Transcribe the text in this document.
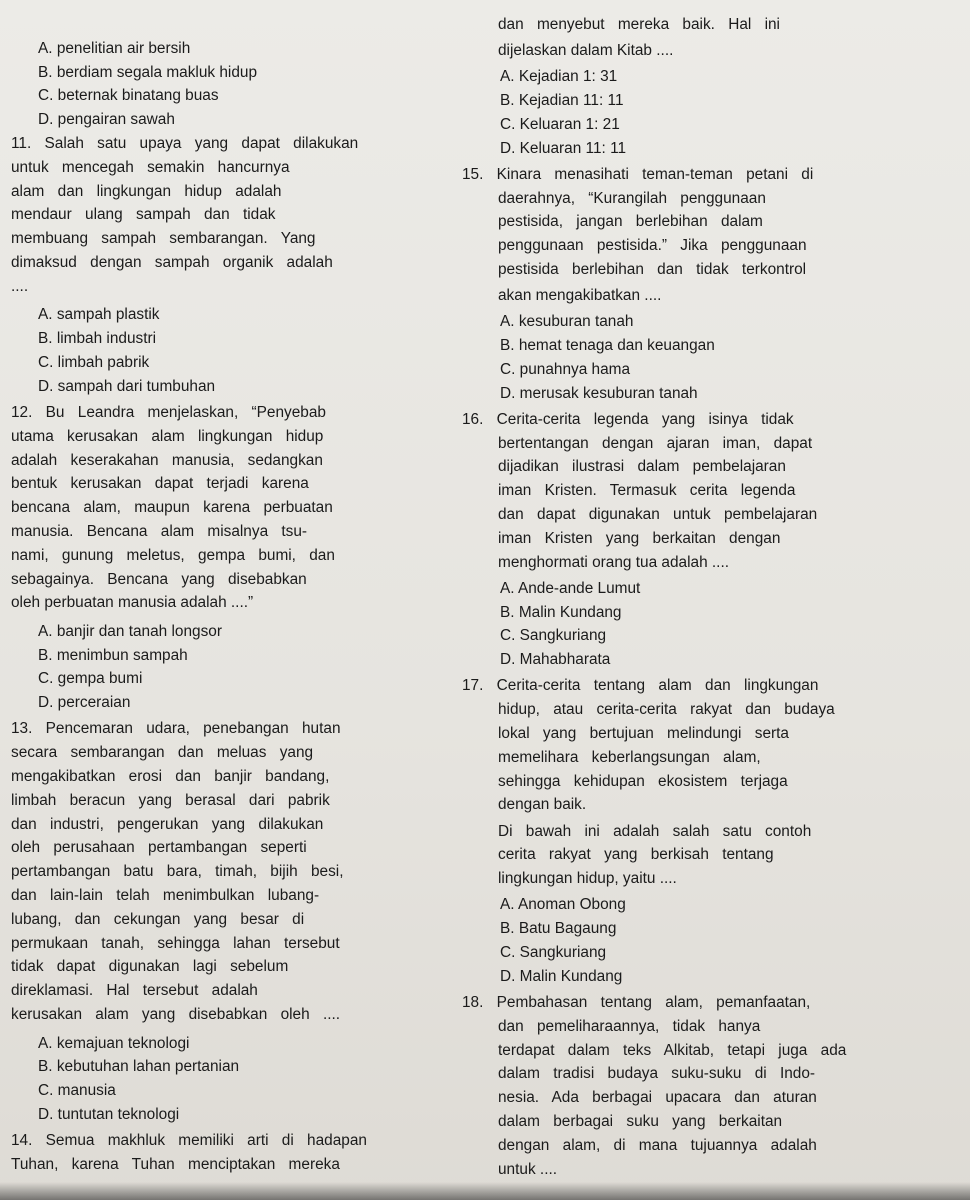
A. penelitian air bersih
B. berdiam segala makluk hidup
C. beternak binatang buas
D. pengairan sawah
11. Salah satu upaya yang dapat dilakukan
untuk mencegah semakin hancurnya
alam dan lingkungan hidup adalah
mendaur ulang sampah dan tidak
membuang sampah sembarangan. Yang
dimaksud dengan sampah organik adalah
....
A. sampah plastik
B. limbah industri
C. limbah pabrik
D. sampah dari tumbuhan
12. Bu Leandra menjelaskan, “Penyebab
utama kerusakan alam lingkungan hidup
adalah keserakahan manusia, sedangkan
bentuk kerusakan dapat terjadi karena
bencana alam, maupun karena perbuatan
manusia. Bencana alam misalnya tsu-
nami, gunung meletus, gempa bumi, dan
sebagainya. Bencana yang disebabkan
oleh perbuatan manusia adalah ....”
A. banjir dan tanah longsor
B. menimbun sampah
C. gempa bumi
D. perceraian
13. Pencemaran udara, penebangan hutan
secara sembarangan dan meluas yang
mengakibatkan erosi dan banjir bandang,
limbah beracun yang berasal dari pabrik
dan industri, pengerukan yang dilakukan
oleh perusahaan pertambangan seperti
pertambangan batu bara, timah, bijih besi,
dan lain-lain telah menimbulkan lubang-
lubang, dan cekungan yang besar di
permukaan tanah, sehingga lahan tersebut
tidak dapat digunakan lagi sebelum
direklamasi. Hal tersebut adalah
kerusakan alam yang disebabkan oleh ....
A. kemajuan teknologi
B. kebutuhan lahan pertanian
C. manusia
D. tuntutan teknologi
14. Semua makhluk memiliki arti di hadapan
Tuhan, karena Tuhan menciptakan mereka
dan menyebut mereka baik. Hal ini
dijelaskan dalam Kitab ....
A. Kejadian 1: 31
B. Kejadian 11: 11
C. Keluaran 1: 21
D. Keluaran 11: 11
15. Kinara menasihati teman-teman petani di
daerahnya, “Kurangilah penggunaan
pestisida, jangan berlebihan dalam
penggunaan pestisida.” Jika penggunaan
pestisida berlebihan dan tidak terkontrol
akan mengakibatkan ....
A. kesuburan tanah
B. hemat tenaga dan keuangan
C. punahnya hama
D. merusak kesuburan tanah
16. Cerita-cerita legenda yang isinya tidak
bertentangan dengan ajaran iman, dapat
dijadikan ilustrasi dalam pembelajaran
iman Kristen. Termasuk cerita legenda
dan dapat digunakan untuk pembelajaran
iman Kristen yang berkaitan dengan
menghormati orang tua adalah ....
A. Ande-ande Lumut
B. Malin Kundang
C. Sangkuriang
D. Mahabharata
17. Cerita-cerita tentang alam dan lingkungan
hidup, atau cerita-cerita rakyat dan budaya
lokal yang bertujuan melindungi serta
memelihara keberlangsungan alam,
sehingga kehidupan ekosistem terjaga
dengan baik.
Di bawah ini adalah salah satu contoh
cerita rakyat yang berkisah tentang
lingkungan hidup, yaitu ....
A. Anoman Obong
B. Batu Bagaung
C. Sangkuriang
D. Malin Kundang
18. Pembahasan tentang alam, pemanfaatan,
dan pemeliharaannya, tidak hanya
terdapat dalam teks Alkitab, tetapi juga ada
dalam tradisi budaya suku-suku di Indo-
nesia. Ada berbagai upacara dan aturan
dalam berbagai suku yang berkaitan
dengan alam, di mana tujuannya adalah
untuk ....
